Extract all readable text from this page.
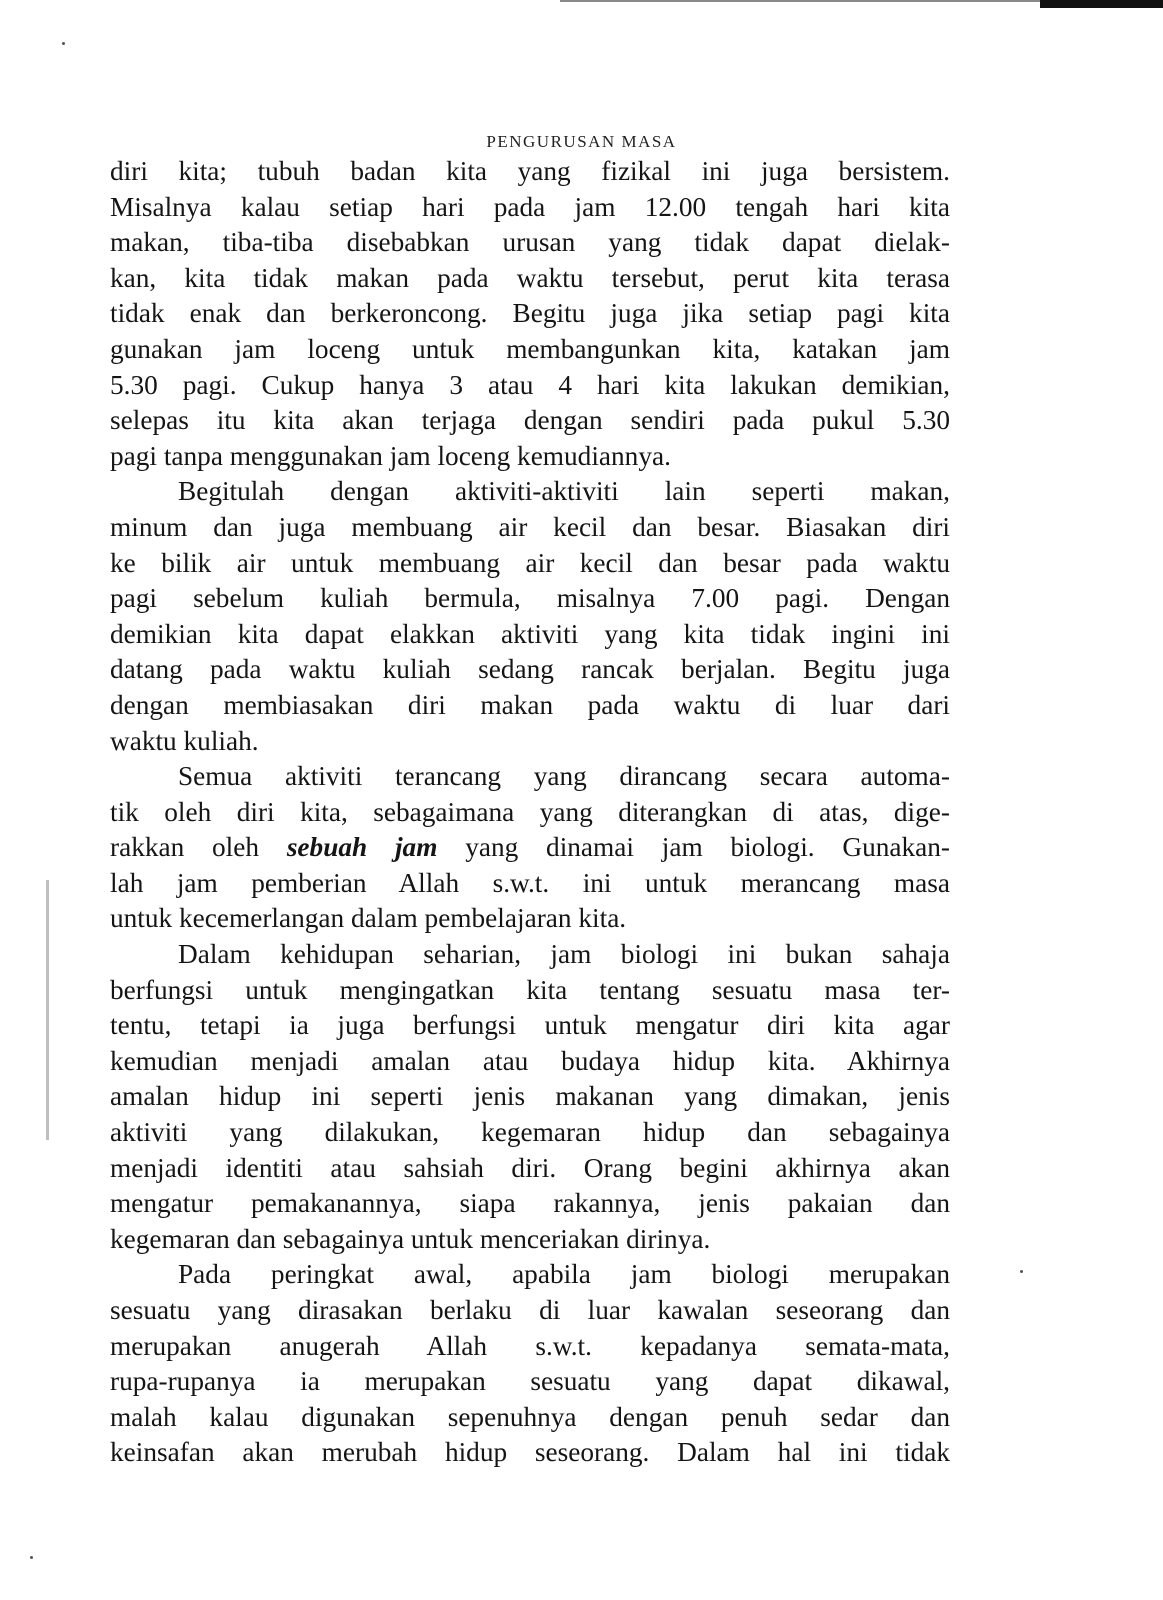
PENGURUSAN MASA
diri kita; tubuh badan kita yang fizikal ini juga bersistem.
Misalnya kalau setiap hari pada jam 12.00 tengah hari kita
makan, tiba-tiba disebabkan urusan yang tidak dapat dielak-
kan, kita tidak makan pada waktu tersebut, perut kita terasa
tidak enak dan berkeroncong. Begitu juga jika setiap pagi kita
gunakan jam loceng untuk membangunkan kita, katakan jam
5.30 pagi. Cukup hanya 3 atau 4 hari kita lakukan demikian,
selepas itu kita akan terjaga dengan sendiri pada pukul 5.30
pagi tanpa menggunakan jam loceng kemudiannya.
Begitulah dengan aktiviti-aktiviti lain seperti makan,
minum dan juga membuang air kecil dan besar. Biasakan diri
ke bilik air untuk membuang air kecil dan besar pada waktu
pagi sebelum kuliah bermula, misalnya 7.00 pagi. Dengan
demikian kita dapat elakkan aktiviti yang kita tidak ingini ini
datang pada waktu kuliah sedang rancak berjalan. Begitu juga
dengan membiasakan diri makan pada waktu di luar dari
waktu kuliah.
Semua aktiviti terancang yang dirancang secara automa-
tik oleh diri kita, sebagaimana yang diterangkan di atas, dige-
rakkan oleh sebuah jam yang dinamai jam biologi. Gunakan-
lah jam pemberian Allah s.w.t. ini untuk merancang masa
untuk kecemerlangan dalam pembelajaran kita.
Dalam kehidupan seharian, jam biologi ini bukan sahaja
berfungsi untuk mengingatkan kita tentang sesuatu masa ter-
tentu, tetapi ia juga berfungsi untuk mengatur diri kita agar
kemudian menjadi amalan atau budaya hidup kita. Akhirnya
amalan hidup ini seperti jenis makanan yang dimakan, jenis
aktiviti yang dilakukan, kegemaran hidup dan sebagainya
menjadi identiti atau sahsiah diri. Orang begini akhirnya akan
mengatur pemakanannya, siapa rakannya, jenis pakaian dan
kegemaran dan sebagainya untuk menceriakan dirinya.
Pada peringkat awal, apabila jam biologi merupakan
sesuatu yang dirasakan berlaku di luar kawalan seseorang dan
merupakan anugerah Allah s.w.t. kepadanya semata-mata,
rupa-rupanya ia merupakan sesuatu yang dapat dikawal,
malah kalau digunakan sepenuhnya dengan penuh sedar dan
keinsafan akan merubah hidup seseorang. Dalam hal ini tidak
